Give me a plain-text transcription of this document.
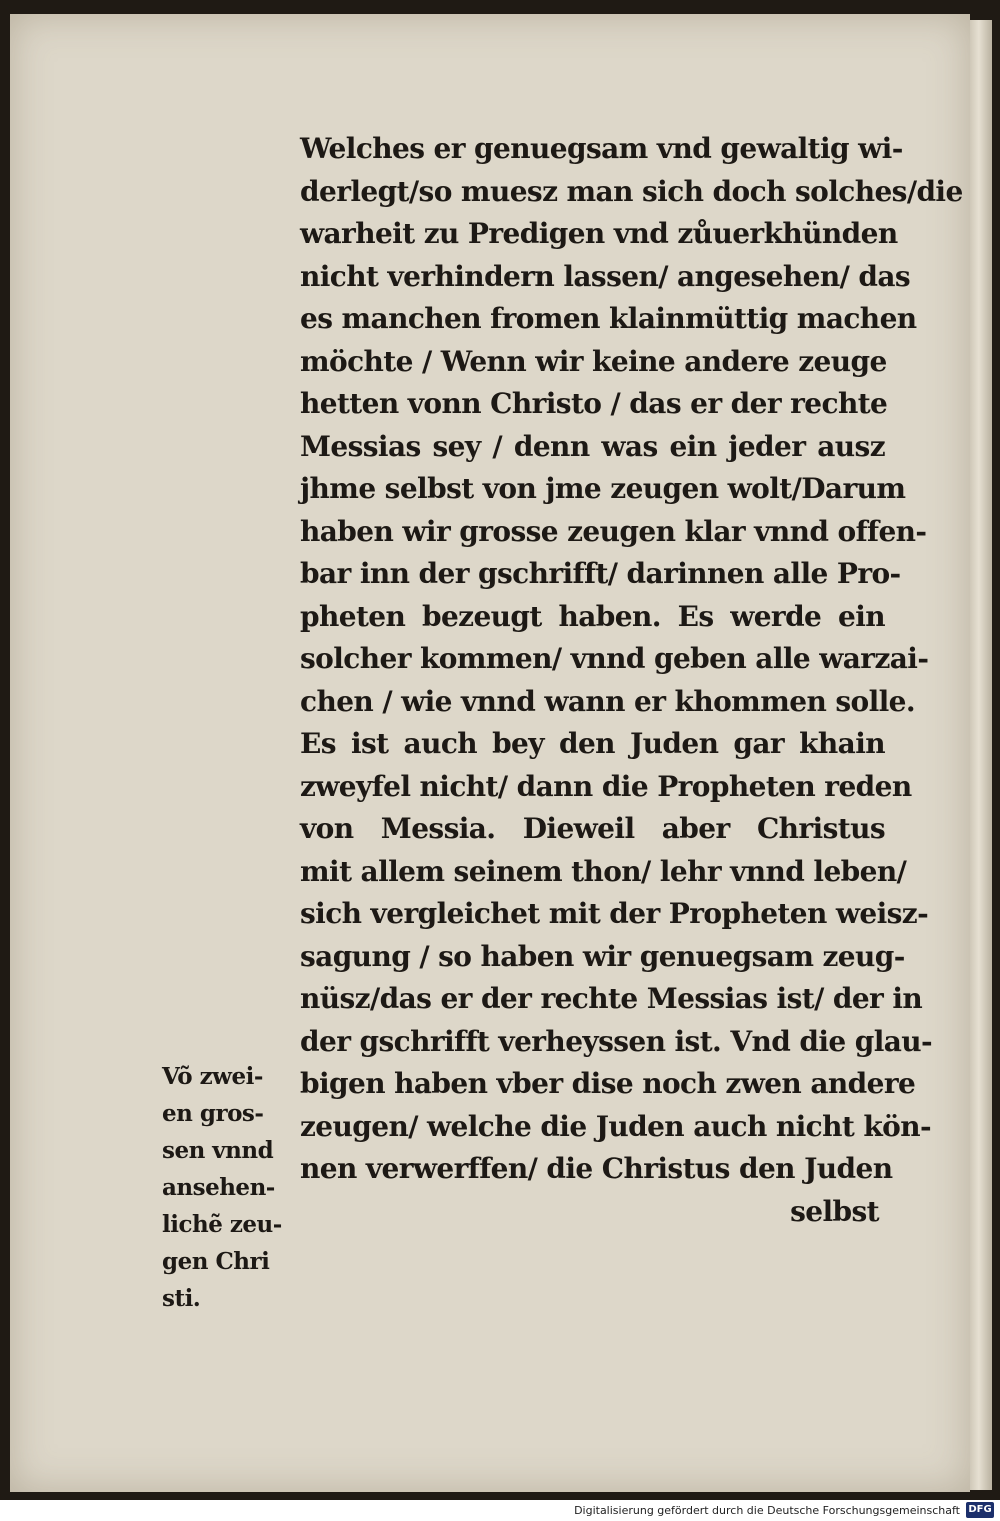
Welches er genuegsam vnd gewaltig wi-
derlegt/so muesz man sich doch solches/die
warheit zu Predigen vnd zůuerkhünden
nicht verhindern lassen/ angesehen/ das
es manchen fromen klainmüttig machen
möchte / Wenn wir keine andere zeuge
hetten vonn Christo / das er der rechte
Messias sey / denn was ein jeder ausz
jhme selbst von jme zeugen wolt/Darum
haben wir grosse zeugen klar vnnd offen-
bar inn der gschrifft/ darinnen alle Pro-
pheten bezeugt haben. Es werde ein
solcher kommen/ vnnd geben alle warzai-
chen / wie vnnd wann er khommen solle.
Es ist auch bey den Juden gar khain
zweyfel nicht/ dann die Propheten reden
von Messia. Dieweil aber Christus
mit allem seinem thon/ lehr vnnd leben/
sich vergleichet mit der Propheten weisz-
sagung / so haben wir genuegsam zeug-
nüsz/das er der rechte Messias ist/ der in
der gschrifft verheyssen ist. Vnd die glau-
bigen haben vber dise noch zwen andere
zeugen/ welche die Juden auch nicht kön-
nen verwerffen/ die Christus den Juden
selbst
Võ zwei-
en gros-
sen vnnd
ansehen-
lichẽ zeu-
gen Chri
sti.
Digitalisierung gefördert durch die Deutsche Forschungsgemeinschaft DFG
